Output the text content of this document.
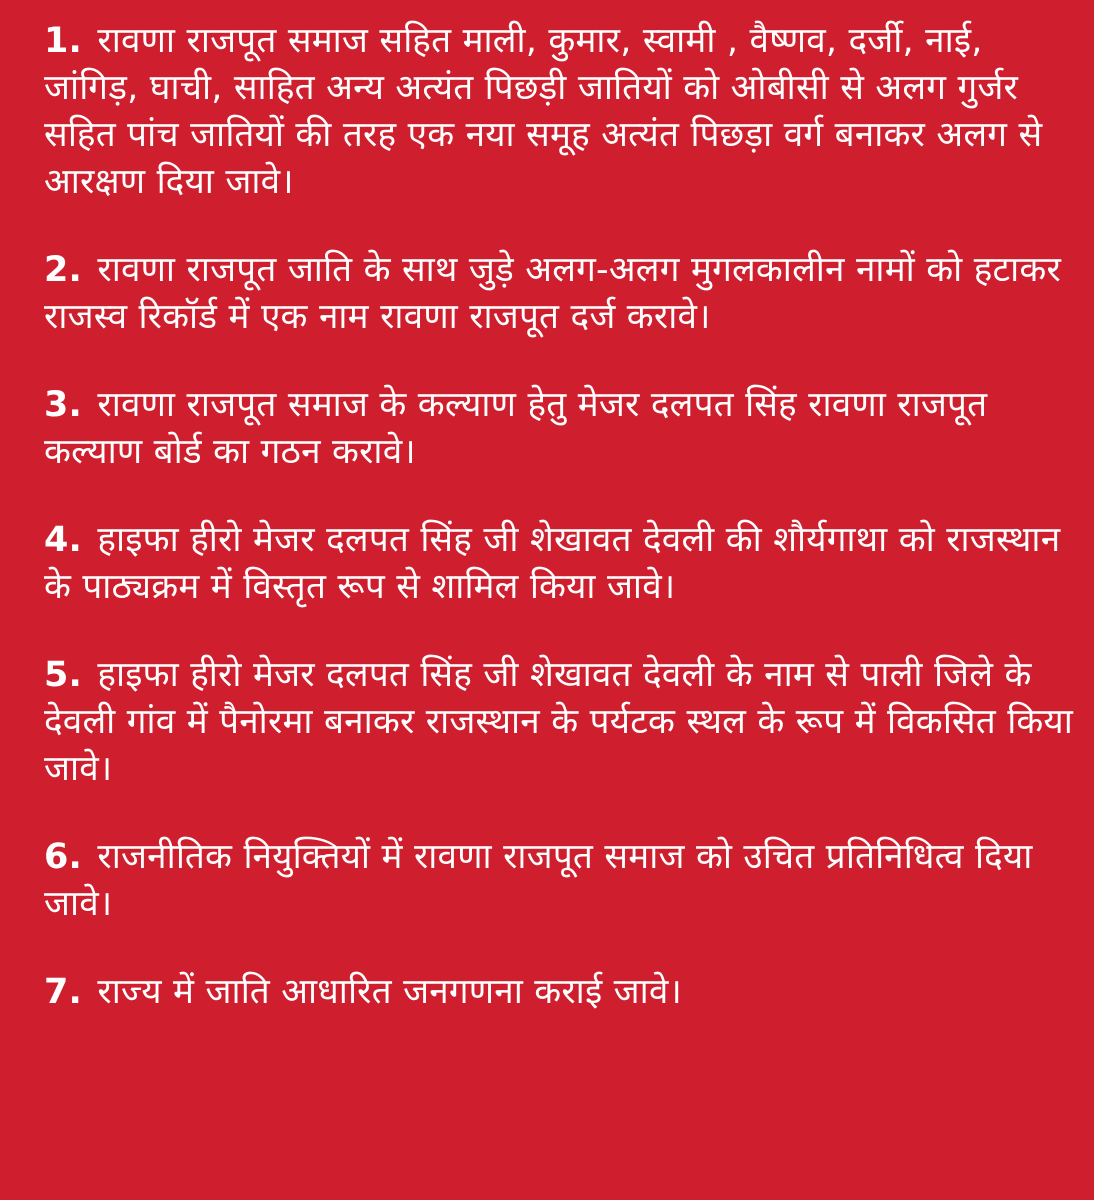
1. रावणा राजपूत समाज सहित माली, कुमार, स्वामी , वैष्णव, दर्जी, नाई, जांगिड़, घाची, साहित अन्य अत्यंत पिछड़ी जातियों को ओबीसी से अलग गुर्जर सहित पांच जातियों की तरह एक नया समूह अत्यंत पिछड़ा वर्ग बनाकर अलग से आरक्षण दिया जावे।

2. रावणा राजपूत जाति के साथ जुड़े अलग-अलग मुगलकालीन नामों को हटाकर राजस्व रिकॉर्ड में एक नाम रावणा राजपूत दर्ज करावे।

3. रावणा राजपूत समाज के कल्याण हेतु मेजर दलपत सिंह रावणा राजपूत कल्याण बोर्ड का गठन करावे।

4. हाइफा हीरो मेजर दलपत सिंह जी शेखावत देवली की शौर्यगाथा को राजस्थान के पाठ्यक्रम में विस्तृत रूप से शामिल किया जावे।

5. हाइफा हीरो मेजर दलपत सिंह जी शेखावत देवली के नाम से पाली जिले के देवली गांव में पैनोरमा बनाकर राजस्थान के पर्यटक स्थल के रूप में विकसित किया जावे।

6. राजनीतिक नियुक्तियों में रावणा राजपूत समाज को उचित प्रतिनिधित्व दिया जावे।

7. राज्य में जाति आधारित जनगणना कराई जावे।
